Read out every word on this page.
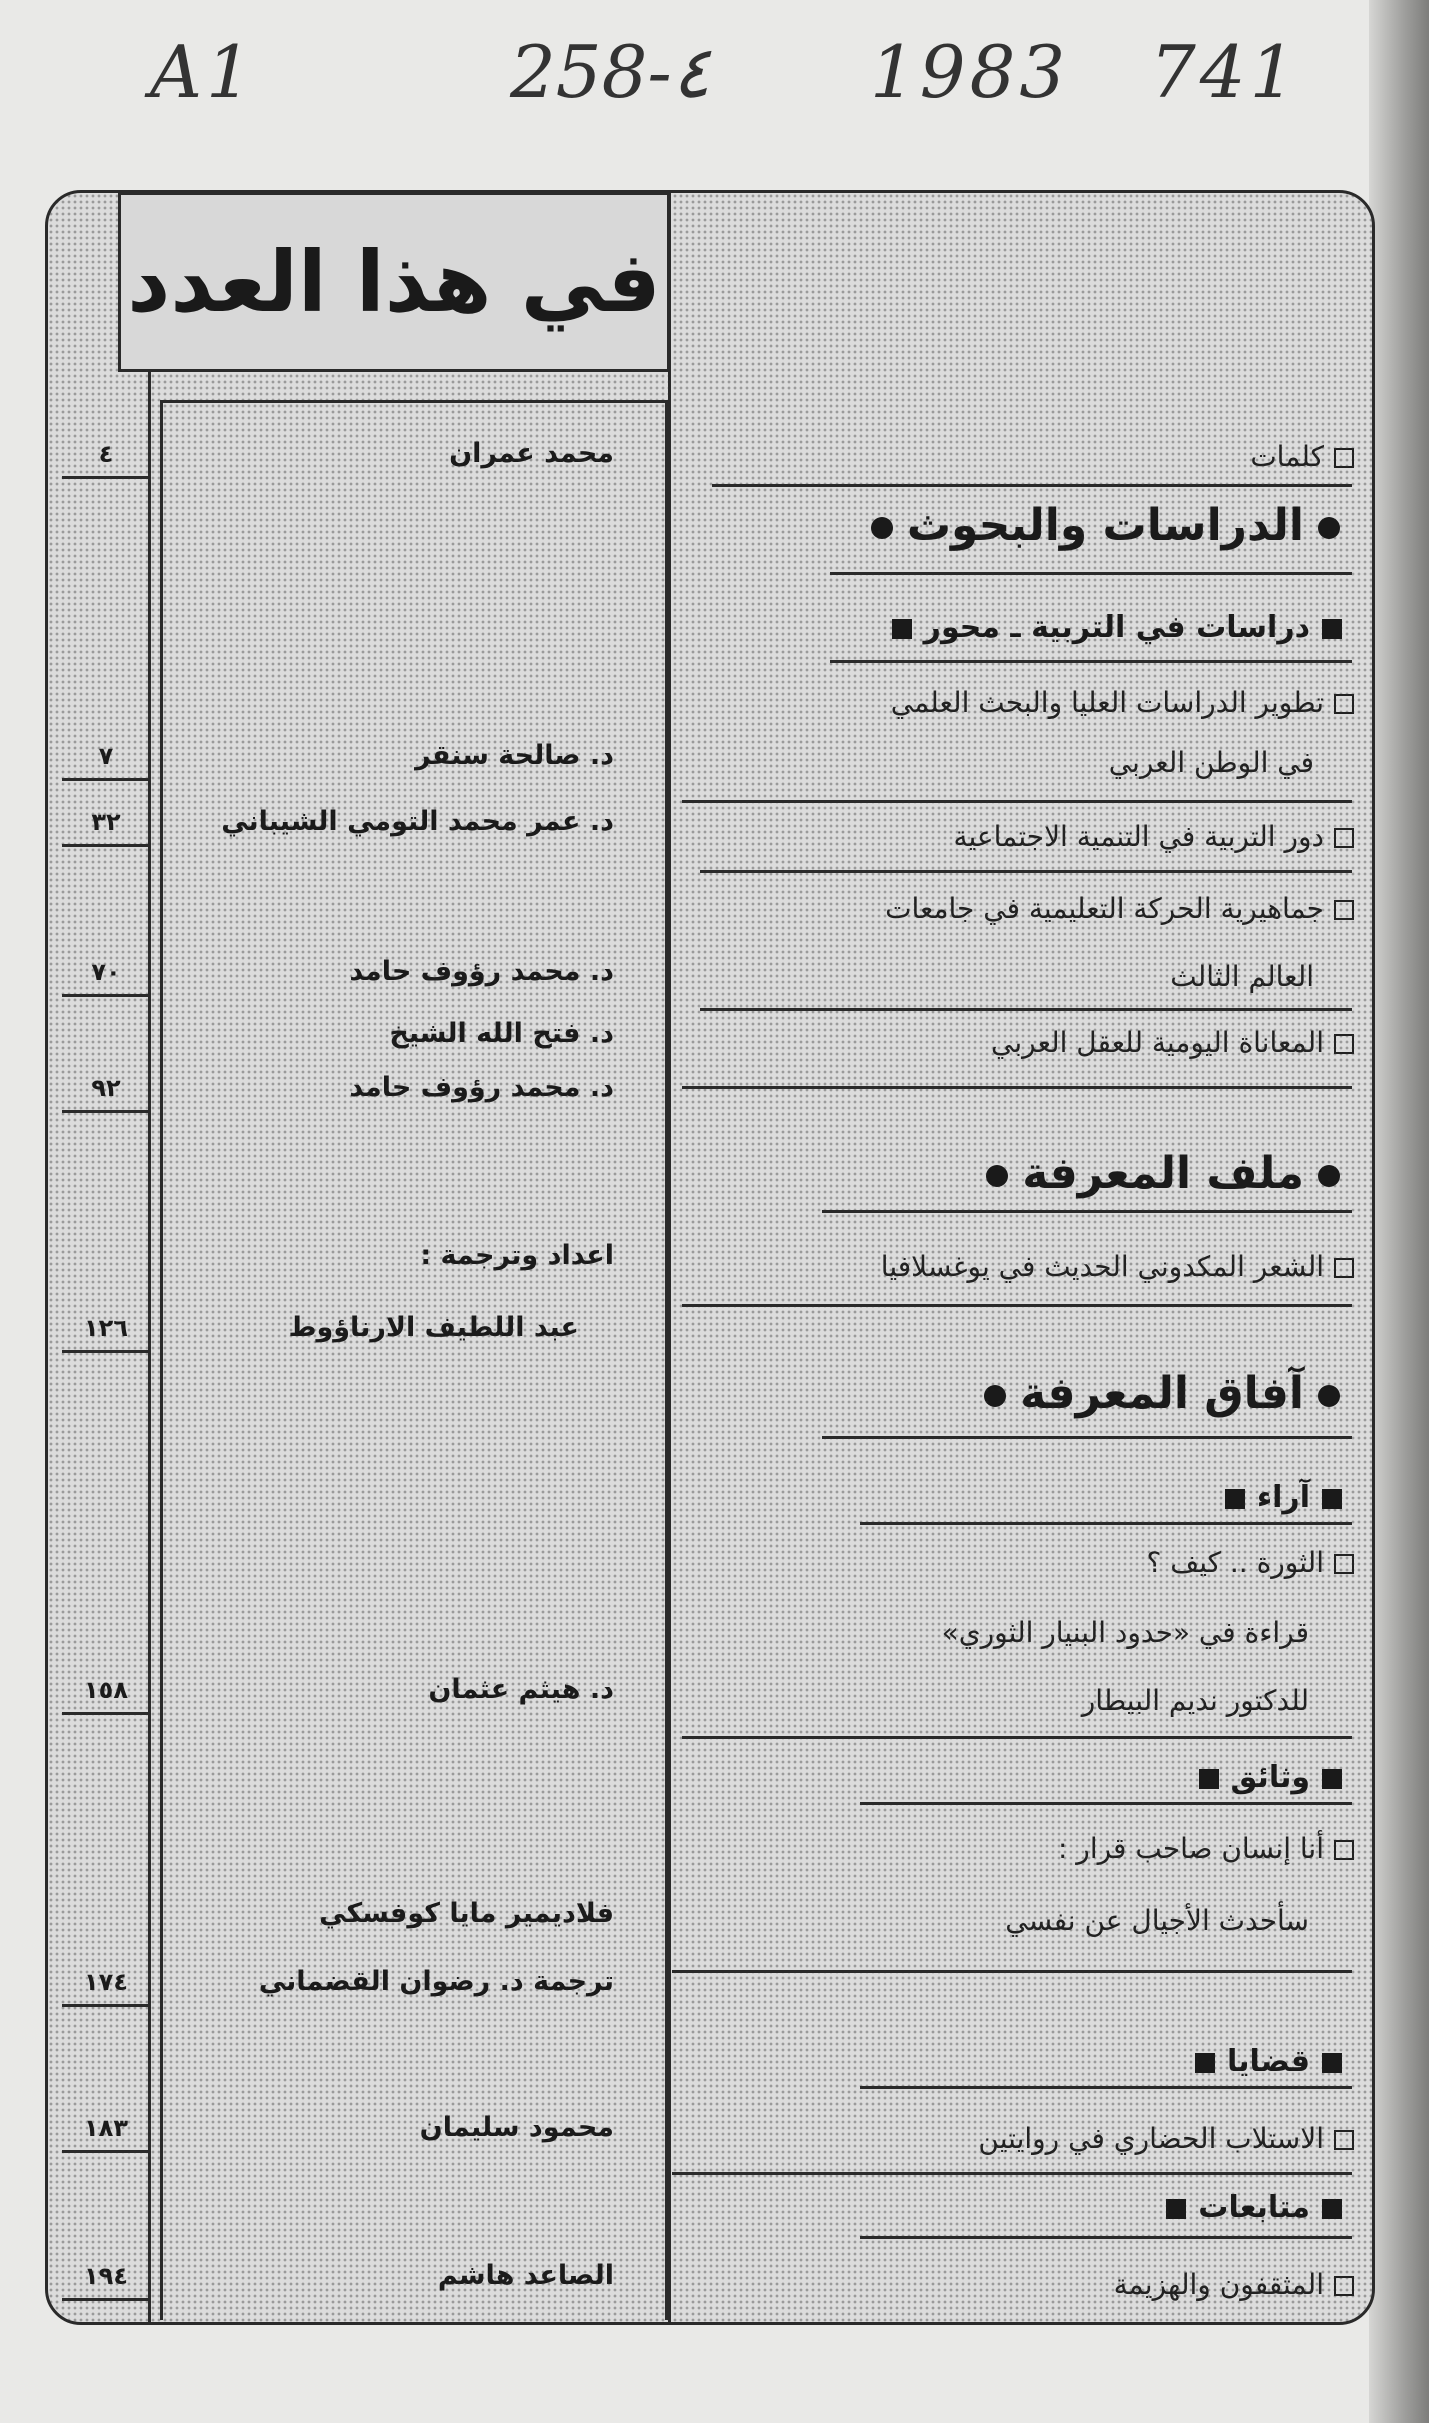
A1	258-٤ 1983 741
في هذا العدد
٤
٧
٣٢
٧٠
٩٢
١٢٦
١٥٨
١٧٤
١٨٣
١٩٤
محمد عمران
د. صالحة سنقر
د. عمر محمد التومي الشيباني
د. محمد رؤوف حامد
د. فتح الله الشيخ
د. محمد رؤوف حامد
اعداد وترجمة :
عبد اللطيف الارناؤوط
د. هيثم عثمان
فلاديمير مايا كوفسكي
ترجمة د. رضوان القضماني
محمود سليمان
الصاعد هاشم
كلمات
الدراسات والبحوث
دراسات في التربية ـ محور
تطوير الدراسات العليا والبحث العلمي
في الوطن العربي
دور التربية في التنمية الاجتماعية
جماهيرية الحركة التعليمية في جامعات
العالم الثالث
المعاناة اليومية للعقل العربي
ملف المعرفة
الشعر المكدوني الحديث في يوغسلافيا
آفاق المعرفة
آراء
الثورة .. كيف ؟
قراءة في «حدود البنيار الثوري»
للدكتور نديم البيطار
وثائق
أنا إنسان صاحب قرار :
سأحدث الأجيال عن نفسي
قضايا
الاستلاب الحضاري في روايتين
متابعات
المثقفون والهزيمة
